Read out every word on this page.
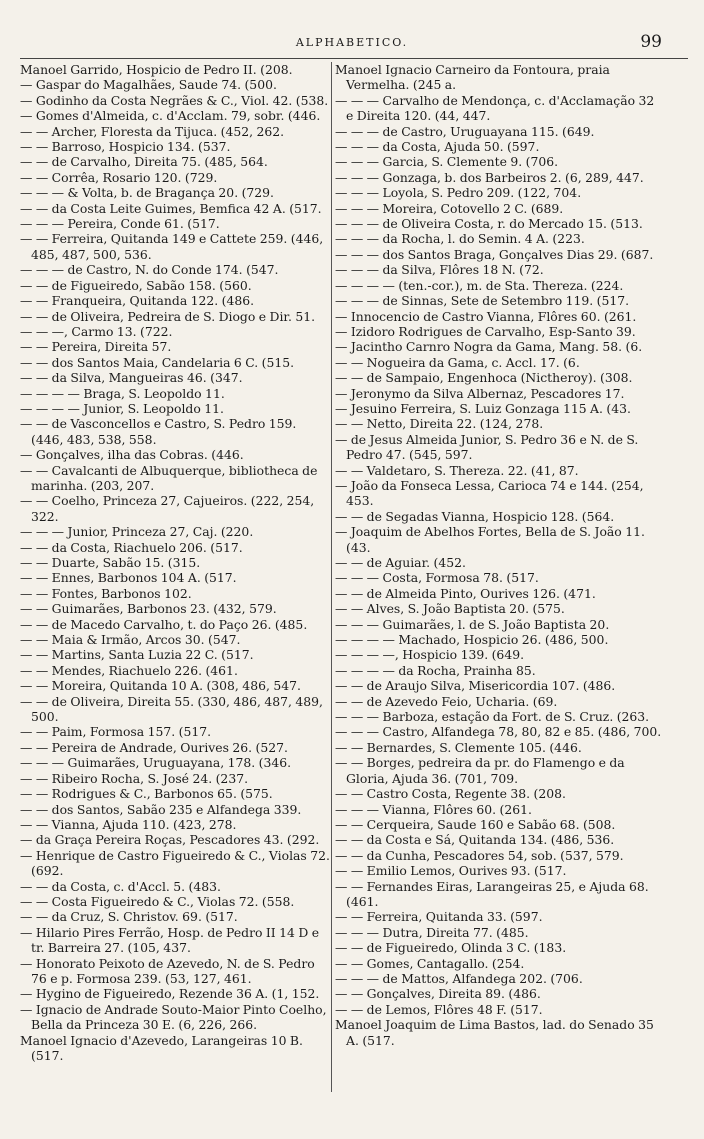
ALPHABETICO.	99

Manoel Garrido, Hospicio de Pedro II. (208.

— Gaspar do Magalhães, Saude 74. (500.

— Godinho da Costa Negrães & C., Viol. 42. (538.

— Gomes d'Almeida, c. d'Acclam. 79, sobr. (446.

— — Archer, Floresta da Tijuca. (452, 262.

— — Barroso, Hospicio 134. (537.

— — de Carvalho, Direita 75. (485, 564.

— — Corrêa, Rosario 120. (729.

— — — & Volta, b. de Bragança 20. (729.

— — da Costa Leite Guimes, Bemfica 42 A. (517.

— — — Pereira, Conde 61. (517.

— — Ferreira, Quitanda 149 e Cattete 259. (446, 485, 487, 500, 536.

— — — de Castro, N. do Conde 174. (547.

— — de Figueiredo, Sabão 158. (560.

— — Franqueira, Quitanda 122. (486.

— — de Oliveira, Pedreira de S. Diogo e Dir. 51.

— — —, Carmo 13. (722.

— — Pereira, Direita 57.

— — dos Santos Maia, Candelaria 6 C. (515.

— — da Silva, Mangueiras 46. (347.

— — — — Braga, S. Leopoldo 11.

— — — — Junior, S. Leopoldo 11.

— — de Vasconcellos e Castro, S. Pedro 159. (446, 483, 538, 558.

— Gonçalves, ilha das Cobras. (446.

— — Cavalcanti de Albuquerque, bibliotheca de marinha. (203, 207.

— — Coelho, Princeza 27, Cajueiros. (222, 254, 322.

— — — Junior, Princeza 27, Caj. (220.

— — da Costa, Riachuelo 206. (517.

— — Duarte, Sabão 15. (315.

— — Ennes, Barbonos 104 A. (517.

— — Fontes, Barbonos 102.

— — Guimarães, Barbonos 23. (432, 579.

— — de Macedo Carvalho, t. do Paço 26. (485.

— — Maia & Irmão, Arcos 30. (547.

— — Martins, Santa Luzia 22 C. (517.

— — Mendes, Riachuelo 226. (461.

— — Moreira, Quitanda 10 A. (308, 486, 547.

— — de Oliveira, Direita 55. (330, 486, 487, 489, 500.

— — Paim, Formosa 157. (517.

— — Pereira de Andrade, Ourives 26. (527.

— — — Guimarães, Uruguayana, 178. (346.

— — Ribeiro Rocha, S. José 24. (237.

— — Rodrigues & C., Barbonos 65. (575.

— — dos Santos, Sabão 235 e Alfandega 339.

— — Vianna, Ajuda 110. (423, 278.

— da Graça Pereira Roças, Pescadores 43. (292.

— Henrique de Castro Figueiredo & C., Violas 72. (692.

— — da Costa, c. d'Accl. 5. (483.

— — Costa Figueiredo & C., Violas 72. (558.

— — da Cruz, S. Christov. 69. (517.

— Hilario Pires Ferrão, Hosp. de Pedro II 14 D e tr. Barreira 27. (105, 437.

— Honorato Peixoto de Azevedo, N. de S. Pedro 76 e p. Formosa 239. (53, 127, 461.

— Hygino de Figueiredo, Rezende 36 A. (1, 152.

— Ignacio de Andrade Souto-Maior Pinto Coelho, Bella da Princeza 30 E. (6, 226, 266.

Manoel Ignacio d'Azevedo, Larangeiras 10 B. (517.

Manoel Ignacio Carneiro da Fontoura, praia Vermelha. (245 a.

— — — Carvalho de Mendonça, c. d'Acclamação 32 e Direita 120. (44, 447.

— — — de Castro, Uruguayana 115. (649.

— — — da Costa, Ajuda 50. (597.

— — — Garcia, S. Clemente 9. (706.

— — — Gonzaga, b. dos Barbeiros 2. (6, 289, 447.

— — — Loyola, S. Pedro 209. (122, 704.

— — — Moreira, Cotovello 2 C. (689.

— — — de Oliveira Costa, r. do Mercado 15. (513.

— — — da Rocha, l. do Semin. 4 A. (223.

— — — dos Santos Braga, Gonçalves Dias 29. (687.

— — — da Silva, Flôres 18 N. (72.

— — — — (ten.-cor.), m. de Sta. Thereza. (224.

— — — de Sinnas, Sete de Setembro 119. (517.

— Innocencio de Castro Vianna, Flôres 60. (261.

— Izidoro Rodrigues de Carvalho, Esp-Santo 39.

— Jacintho Carnro Nogra da Gama, Mang. 58. (6.

— — Nogueira da Gama, c. Accl. 17. (6.

— — de Sampaio, Engenhoca (Nictheroy). (308.

— Jeronymo da Silva Albernaz, Pescadores 17.

— Jesuino Ferreira, S. Luiz Gonzaga 115 A. (43.

— — Netto, Direita 22. (124, 278.

— de Jesus Almeida Junior, S. Pedro 36 e N. de S. Pedro 47. (545, 597.

— — Valdetaro, S. Thereza. 22. (41, 87.

— João da Fonseca Lessa, Carioca 74 e 144. (254, 453.

— — de Segadas Vianna, Hospicio 128. (564.

— Joaquim de Abelhos Fortes, Bella de S. João 11. (43.

— — de Aguiar. (452.

— — — Costa, Formosa 78. (517.

— — de Almeida Pinto, Ourives 126. (471.

— — Alves, S. João Baptista 20. (575.

— — — Guimarães, l. de S. João Baptista 20.

— — — — Machado, Hospicio 26. (486, 500.

— — — —, Hospicio 139. (649.

— — — — da Rocha, Prainha 85.

— — de Araujo Silva, Misericordia 107. (486.

— — de Azevedo Feio, Ucharia. (69.

— — — Barboza, estação da Fort. de S. Cruz. (263.

— — — Castro, Alfandega 78, 80, 82 e 85. (486, 700.

— — Bernardes, S. Clemente 105. (446.

— — Borges, pedreira da pr. do Flamengo e da Gloria, Ajuda 36. (701, 709.

— — Castro Costa, Regente 38. (208.

— — — Vianna, Flôres 60. (261.

— — Cerqueira, Saude 160 e Sabão 68. (508.

— — da Costa e Sá, Quitanda 134. (486, 536.

— — da Cunha, Pescadores 54, sob. (537, 579.

— — Emilio Lemos, Ourives 93. (517.

— — Fernandes Eiras, Larangeiras 25, e Ajuda 68. (461.

— — Ferreira, Quitanda 33. (597.

— — — Dutra, Direita 77. (485.

— — de Figueiredo, Olinda 3 C. (183.

— — Gomes, Cantagallo. (254.

— — — de Mattos, Alfandega 202. (706.

— — Gonçalves, Direita 89. (486.

— — de Lemos, Flôres 48 F. (517.

Manoel Joaquim de Lima Bastos, lad. do Senado 35 A. (517.
